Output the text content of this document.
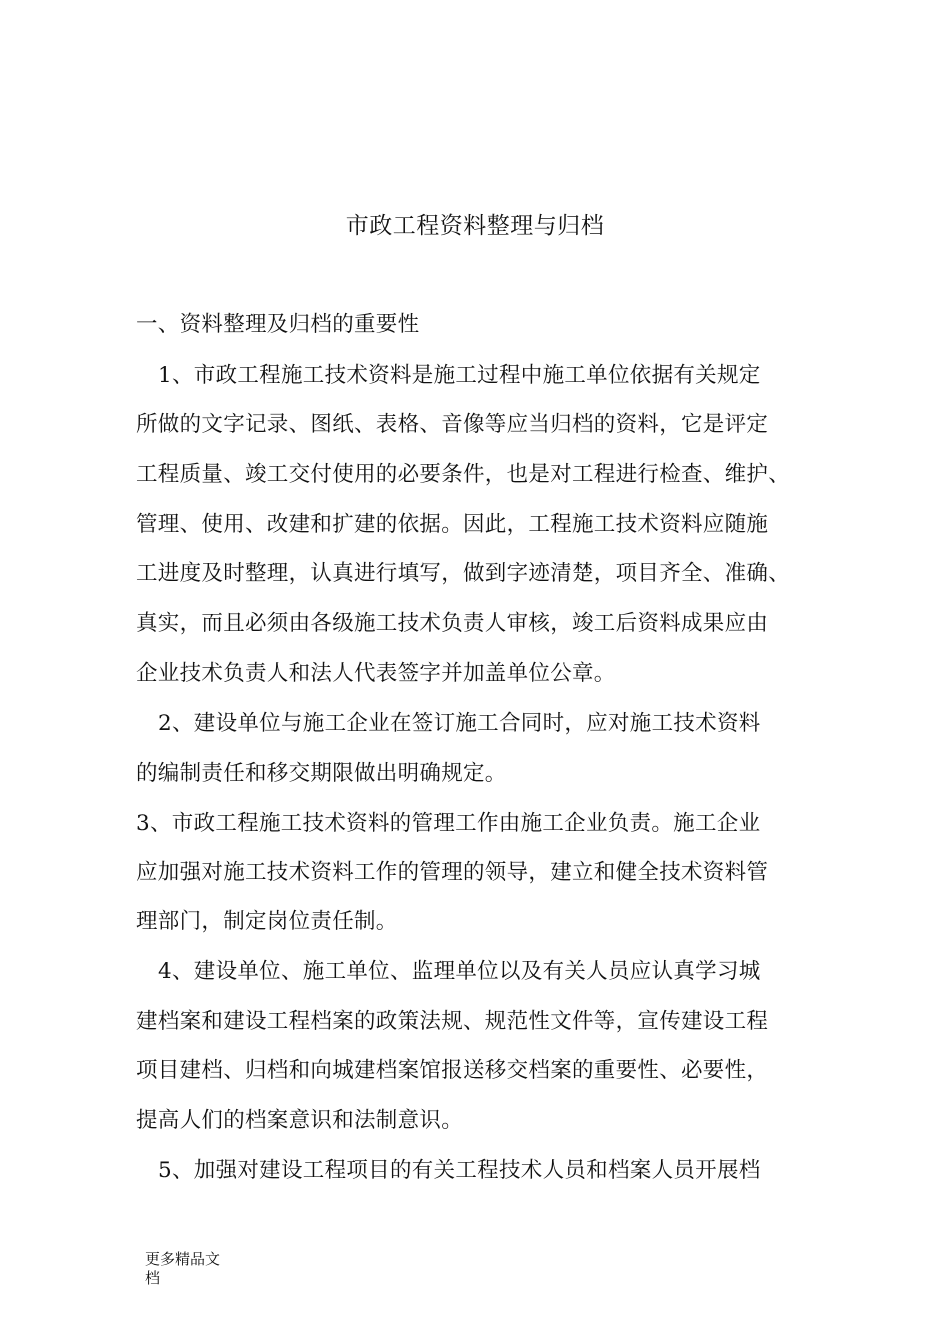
市政工程资料整理与归档
一、资料整理及归档的重要性
1、市政工程施工技术资料是施工过程中施工单位依据有关规定
所做的文字记录、图纸、表格、音像等应当归档的资料，它是评定
工程质量、竣工交付使用的必要条件，也是对工程进行检查、维护、
管理、使用、改建和扩建的依据。因此，工程施工技术资料应随施
工进度及时整理，认真进行填写，做到字迹清楚，项目齐全、准确、
真实，而且必须由各级施工技术负责人审核，竣工后资料成果应由
企业技术负责人和法人代表签字并加盖单位公章。
2、建设单位与施工企业在签订施工合同时，应对施工技术资料
的编制责任和移交期限做出明确规定。
3、市政工程施工技术资料的管理工作由施工企业负责。施工企业
应加强对施工技术资料工作的管理的领导，建立和健全技术资料管
理部门，制定岗位责任制。
4、建设单位、施工单位、监理单位以及有关人员应认真学习城
建档案和建设工程档案的政策法规、规范性文件等，宣传建设工程
项目建档、归档和向城建档案馆报送移交档案的重要性、必要性，
提高人们的档案意识和法制意识。
5、加强对建设工程项目的有关工程技术人员和档案人员开展档
更多精品文
档
